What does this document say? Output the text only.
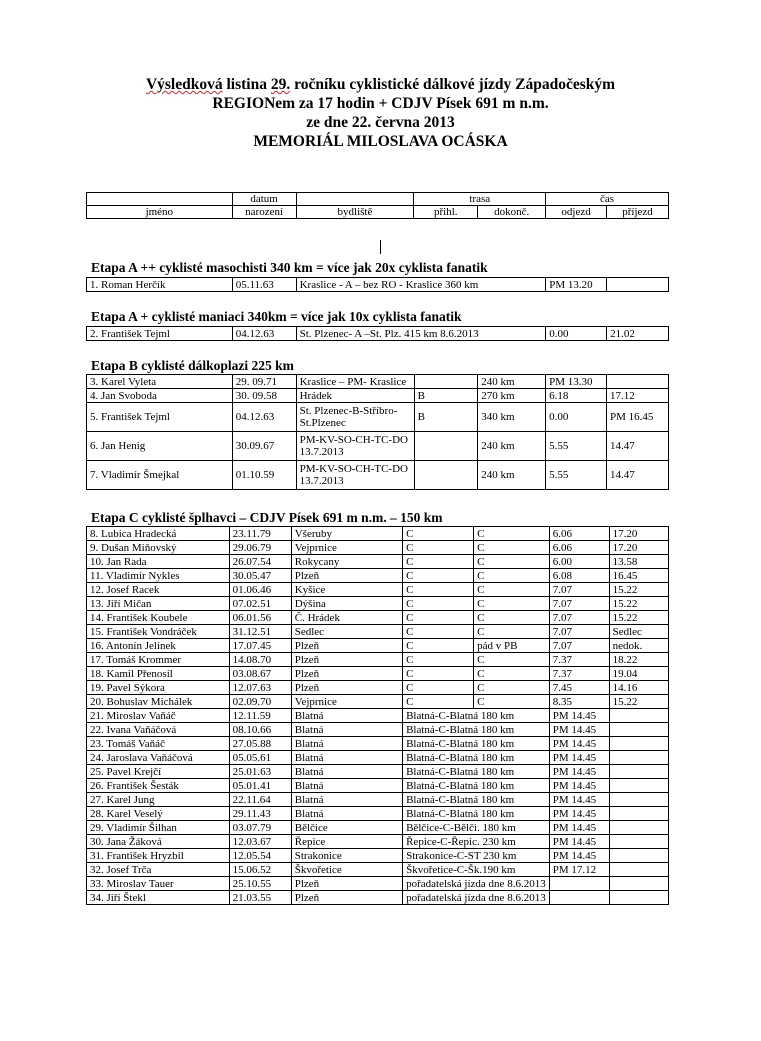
Výsledková listina 29. ročníku cyklistické dálkové jízdy Západočeským
REGIONem za 17 hodin + CDJV Písek 691 m n.m.
ze dne 22. června 2013
MEMORIÁL MILOSLAVA OCÁSKA
	datum		trasa		čas	
jméno	narození	bydliště	přihl.	dokonč.	odjezd	příjezd
Etapa A ++ cyklisté masochisti 340 km = více jak 20x cyklista fanatik
1. Roman Herčík	05.11.63	Kraslice - A – bez RO - Kraslice 360 km	PM 13.20	
Etapa A + cyklisté maniaci 340km = více jak 10x cyklista fanatik
2. František Tejml	04.12.63	St. Plzenec- A –St. Plz. 415 km 8.6.2013	0.00	21.02
Etapa B cyklisté dálkoplazi 225 km
3. Karel Vyleta	29. 09.71	Kraslice – PM- Kraslice		240 km	PM 13.30	
4. Jan Svoboda	30. 09.58	Hrádek	B	270 km	6.18	17.12
5. František Tejml	04.12.63	St. Plzenec-B-Stříbro-St.Plzenec	B	340 km	0.00	PM 16.45
6. Jan Henig	30.09.67	PM-KV-SO-CH-TC-DO 13.7.2013		240 km	5.55	14.47
7. Vladimír Šmejkal	01.10.59	PM-KV-SO-CH-TC-DO 13.7.2013		240 km	5.55	14.47
Etapa C cyklisté šplhavci – CDJV Písek 691 m n.m. – 150 km
8. Lubica Hradecká	23.11.79	Všeruby	C	C	6.06	17.20
9. Dušan Miňovský	29.06.79	Vejprnice	C	C	6.06	17.20
10. Jan Rada	26.07.54	Rokycany	C	C	6.00	13.58
11. Vladimír Nykles	30.05.47	Plzeň	C	C	6.08	16.45
12. Josef Racek	01.06.46	Kyšice	C	C	7.07	15.22
13. Jiří Mičan	07.02.51	Dýšina	C	C	7.07	15.22
14. František Koubele	06.01.56	Č. Hrádek	C	C	7.07	15.22
15. František Vondráček	31.12.51	Sedlec	C	C	7.07	Sedlec
16. Antonín Jelínek	17.07.45	Plzeň	C	pád v PB	7.07	nedok.
17. Tomáš Krommer	14.08.70	Plzeň	C	C	7.37	18.22
18. Kamil Přenosil	03.08.67	Plzeň	C	C	7.37	19.04
19. Pavel Sýkora	12.07.63	Plzeň	C	C	7.45	14.16
20. Bohuslav Michálek	02.09.70	Vejprnice	C	C	8.35	15.22
21. Miroslav Vaňáč	12.11.59	Blatná	Blatná-C-Blatná 180 km		PM 14.45	
22. Ivana Vaňáčová	08.10.66	Blatná	Blatná-C-Blatná 180 km		PM 14.45	
23. Tomáš Vaňáč	27.05.88	Blatná	Blatná-C-Blatná 180 km		PM 14.45	
24. Jaroslava Vaňáčová	05.05.61	Blatná	Blatná-C-Blatná 180 km		PM 14.45	
25. Pavel Krejčí	25.01.63	Blatná	Blatná-C-Blatná 180 km		PM 14.45	
26. František Šesták	05.01.41	Blatná	Blatná-C-Blatná 180 km		PM 14.45	
27. Karel Jung	22.11.64	Blatná	Blatná-C-Blatná 180 km		PM 14.45	
28. Karel Veselý	29.11.43	Blatná	Blatná-C-Blatná 180 km		PM 14.45	
29. Vladimír Šilhan	03.07.79	Bělčice	Bělčice-C-Bělči. 180 km		PM 14.45	
30. Jana Žáková	12.03.67	Řepice	Řepice-C-Řepic. 230 km		PM 14.45	
31. František Hryzbil	12.05.54	Strakonice	Strakonice-C-ST 230 km		PM 14.45	
32. Josef Trča	15.06.52	Škvořetice	Škvořetice-C-Šk.190 km		PM 17.12	
33. Miroslav Tauer	25.10.55	Plzeň	pořadatelská jízda dne 8.6.2013			
34. Jiří Štekl	21.03.55	Plzeň	pořadatelská jízda dne 8.6.2013			
